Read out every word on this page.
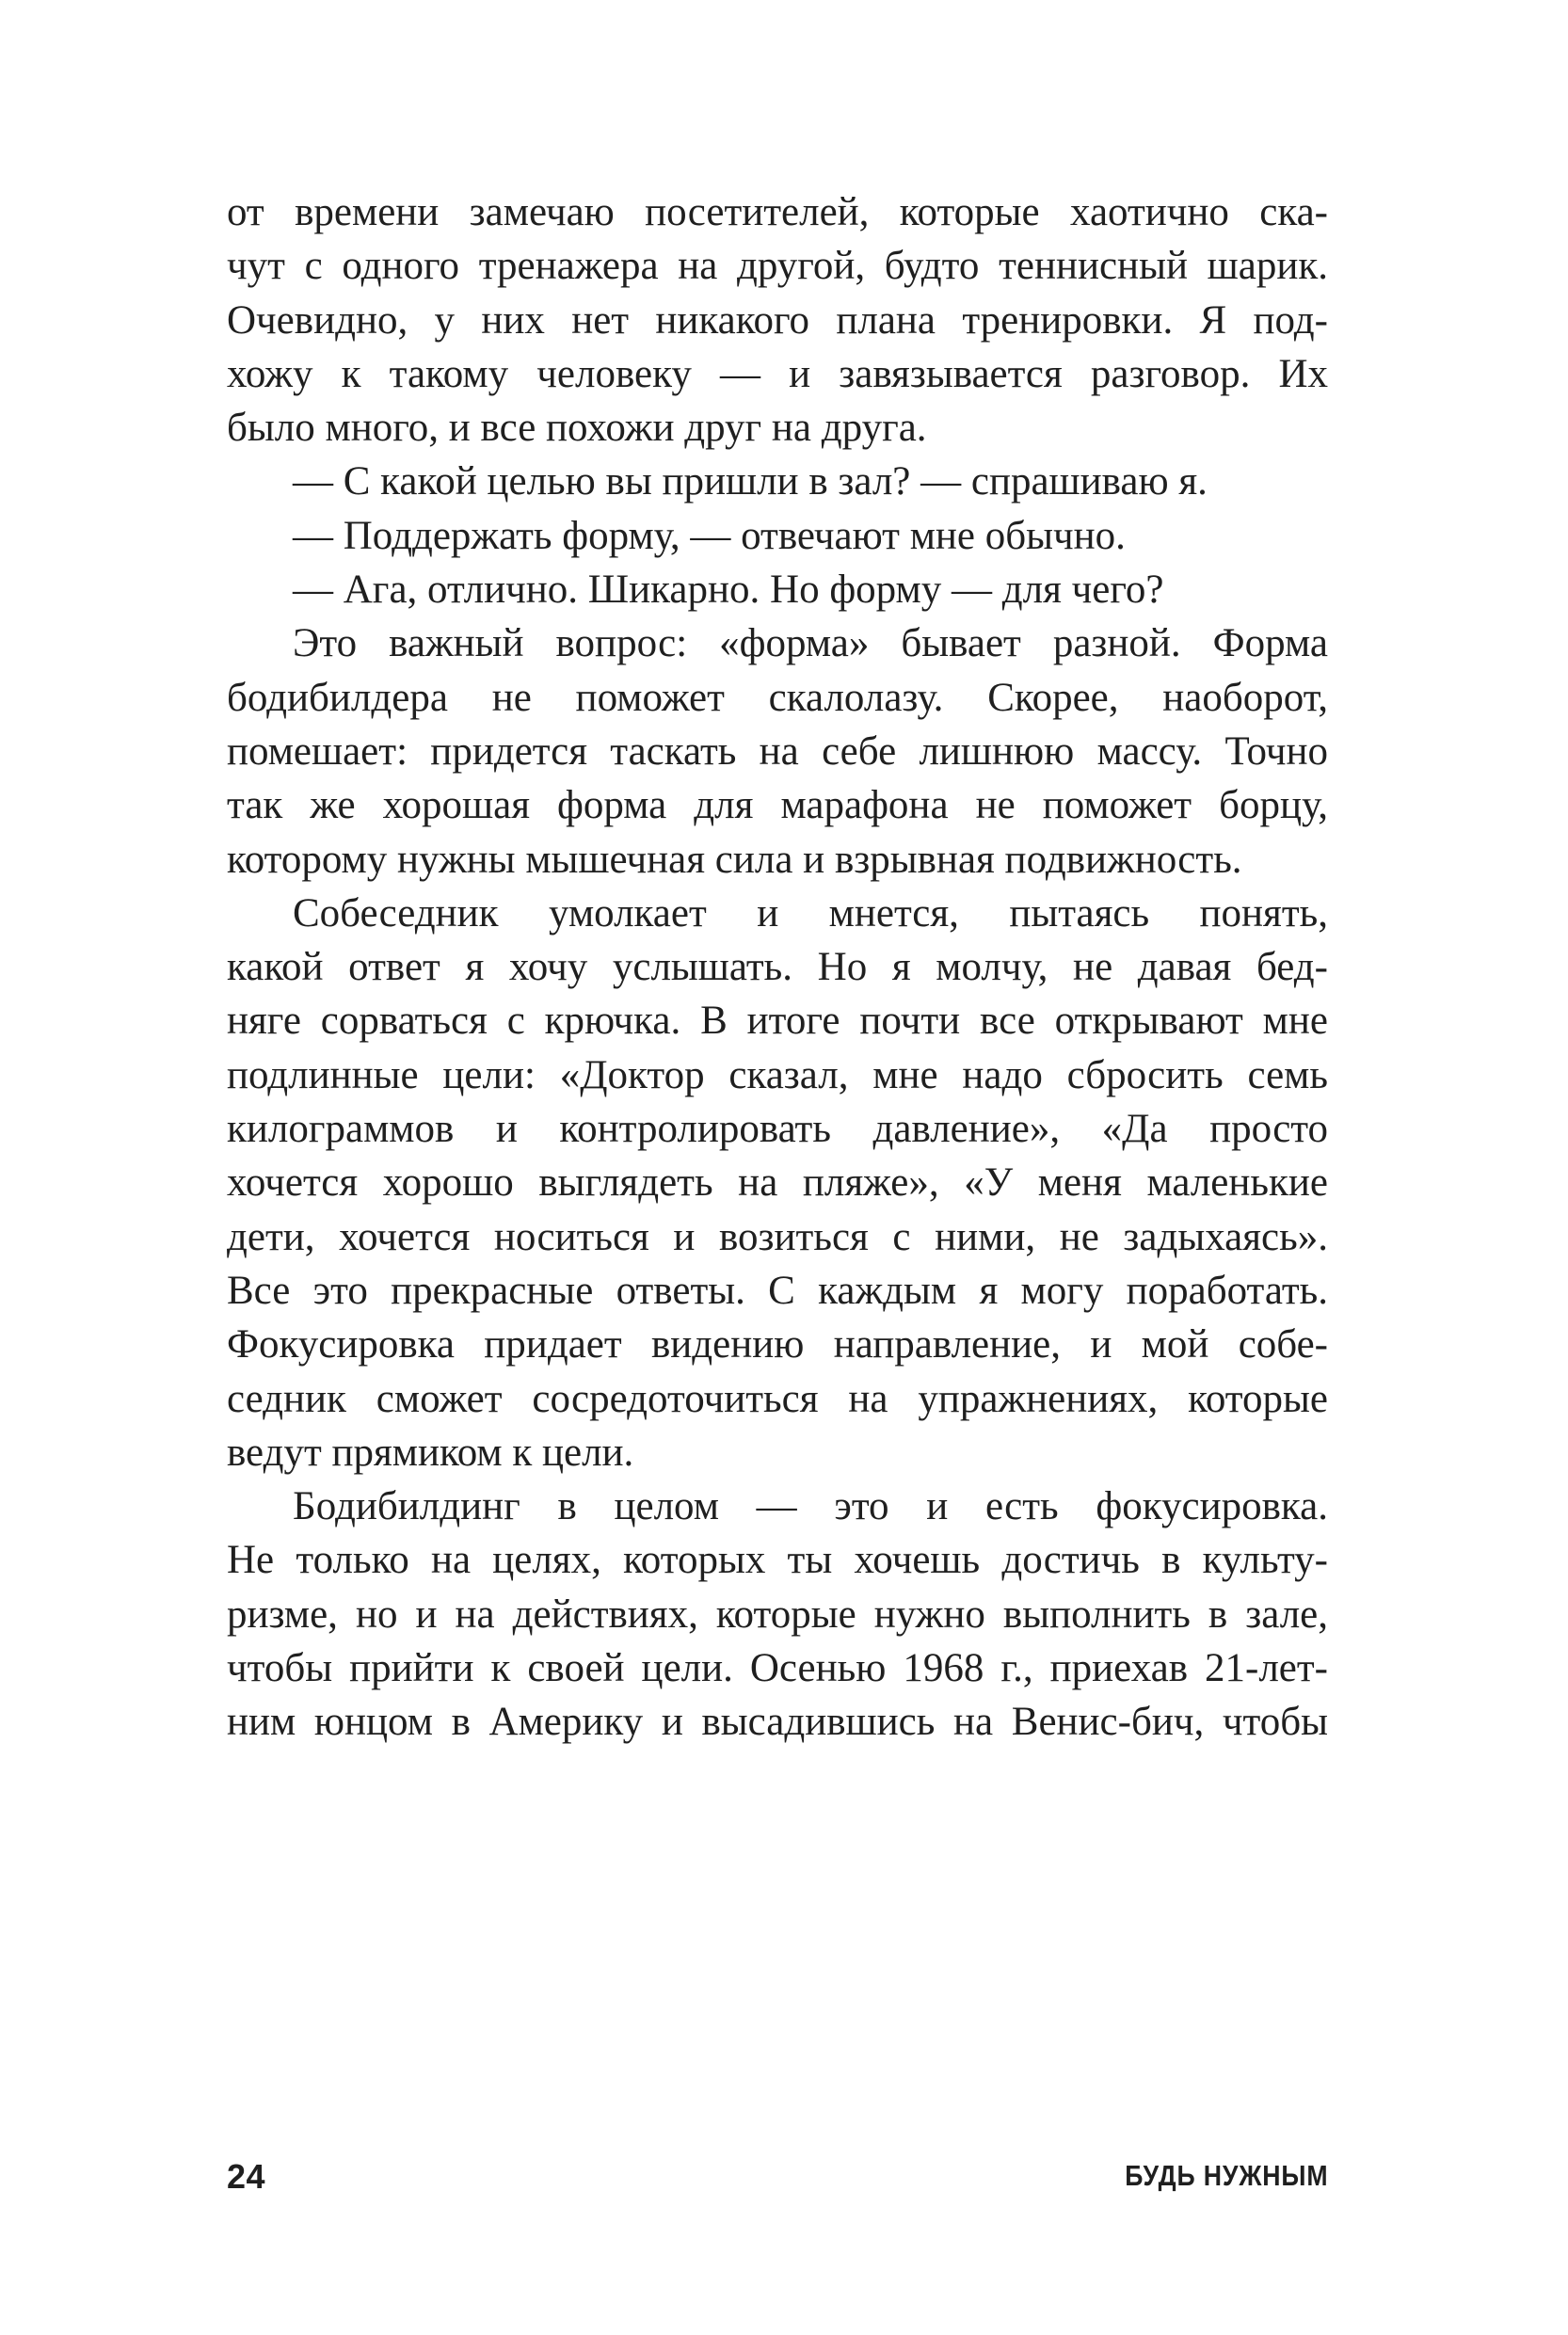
от времени замечаю посетителей, которые хаотично ска-
чут с одного тренажера на другой, будто теннисный шарик.
Очевидно, у них нет никакого плана тренировки. Я под-
хожу к такому человеку — и завязывается разговор. Их
было много, и все похожи друг на друга.
— С какой целью вы пришли в зал? — спрашиваю я.
— Поддержать форму, — отвечают мне обычно.
— Ага, отлично. Шикарно. Но форму — для чего?
Это важный вопрос: «форма» бывает разной. Форма
бодибилдера не поможет скалолазу. Скорее, наоборот,
помешает: придется таскать на себе лишнюю массу. Точно
так же хорошая форма для марафона не поможет борцу,
которому нужны мышечная сила и взрывная подвижность.
Собеседник умолкает и мнется, пытаясь понять,
какой ответ я хочу услышать. Но я молчу, не давая бед-
няге сорваться с крючка. В итоге почти все открывают мне
подлинные цели: «Доктор сказал, мне надо сбросить семь
килограммов и контролировать давление», «Да просто
хочется хорошо выглядеть на пляже», «У меня маленькие
дети, хочется носиться и возиться с ними, не задыхаясь».
Все это прекрасные ответы. С каждым я могу поработать.
Фокусировка придает видению направление, и мой собе-
седник сможет сосредоточиться на упражнениях, которые
ведут прямиком к цели.
Бодибилдинг в целом — это и есть фокусировка.
Не только на целях, которых ты хочешь достичь в культу-
ризме, но и на действиях, которые нужно выполнить в зале,
чтобы прийти к своей цели. Осенью 1968 г., приехав 21-лет-
ним юнцом в Америку и высадившись на Венис-бич, чтобы
24	БУДЬ НУЖНЫМ
